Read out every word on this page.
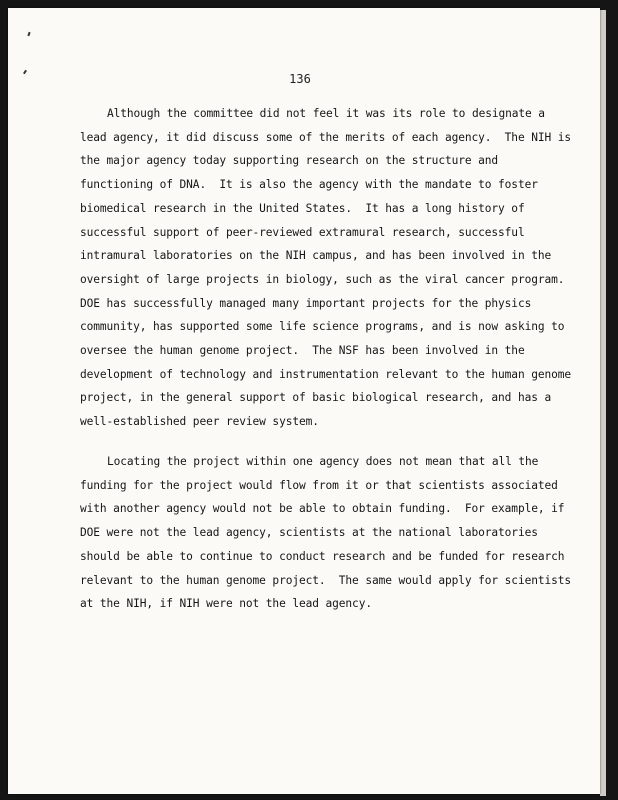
136
Although the committee did not feel it was its role to designate a
lead agency, it did discuss some of the merits of each agency.  The NIH is
the major agency today supporting research on the structure and
functioning of DNA.  It is also the agency with the mandate to foster
biomedical research in the United States.  It has a long history of
successful support of peer-reviewed extramural research, successful
intramural laboratories on the NIH campus, and has been involved in the
oversight of large projects in biology, such as the viral cancer program.
DOE has successfully managed many important projects for the physics
community, has supported some life science programs, and is now asking to
oversee the human genome project.  The NSF has been involved in the
development of technology and instrumentation relevant to the human genome
project, in the general support of basic biological research, and has a
well-established peer review system.
Locating the project within one agency does not mean that all the
funding for the project would flow from it or that scientists associated
with another agency would not be able to obtain funding.  For example, if
DOE were not the lead agency, scientists at the national laboratories
should be able to continue to conduct research and be funded for research
relevant to the human genome project.  The same would apply for scientists
at the NIH, if NIH were not the lead agency.
